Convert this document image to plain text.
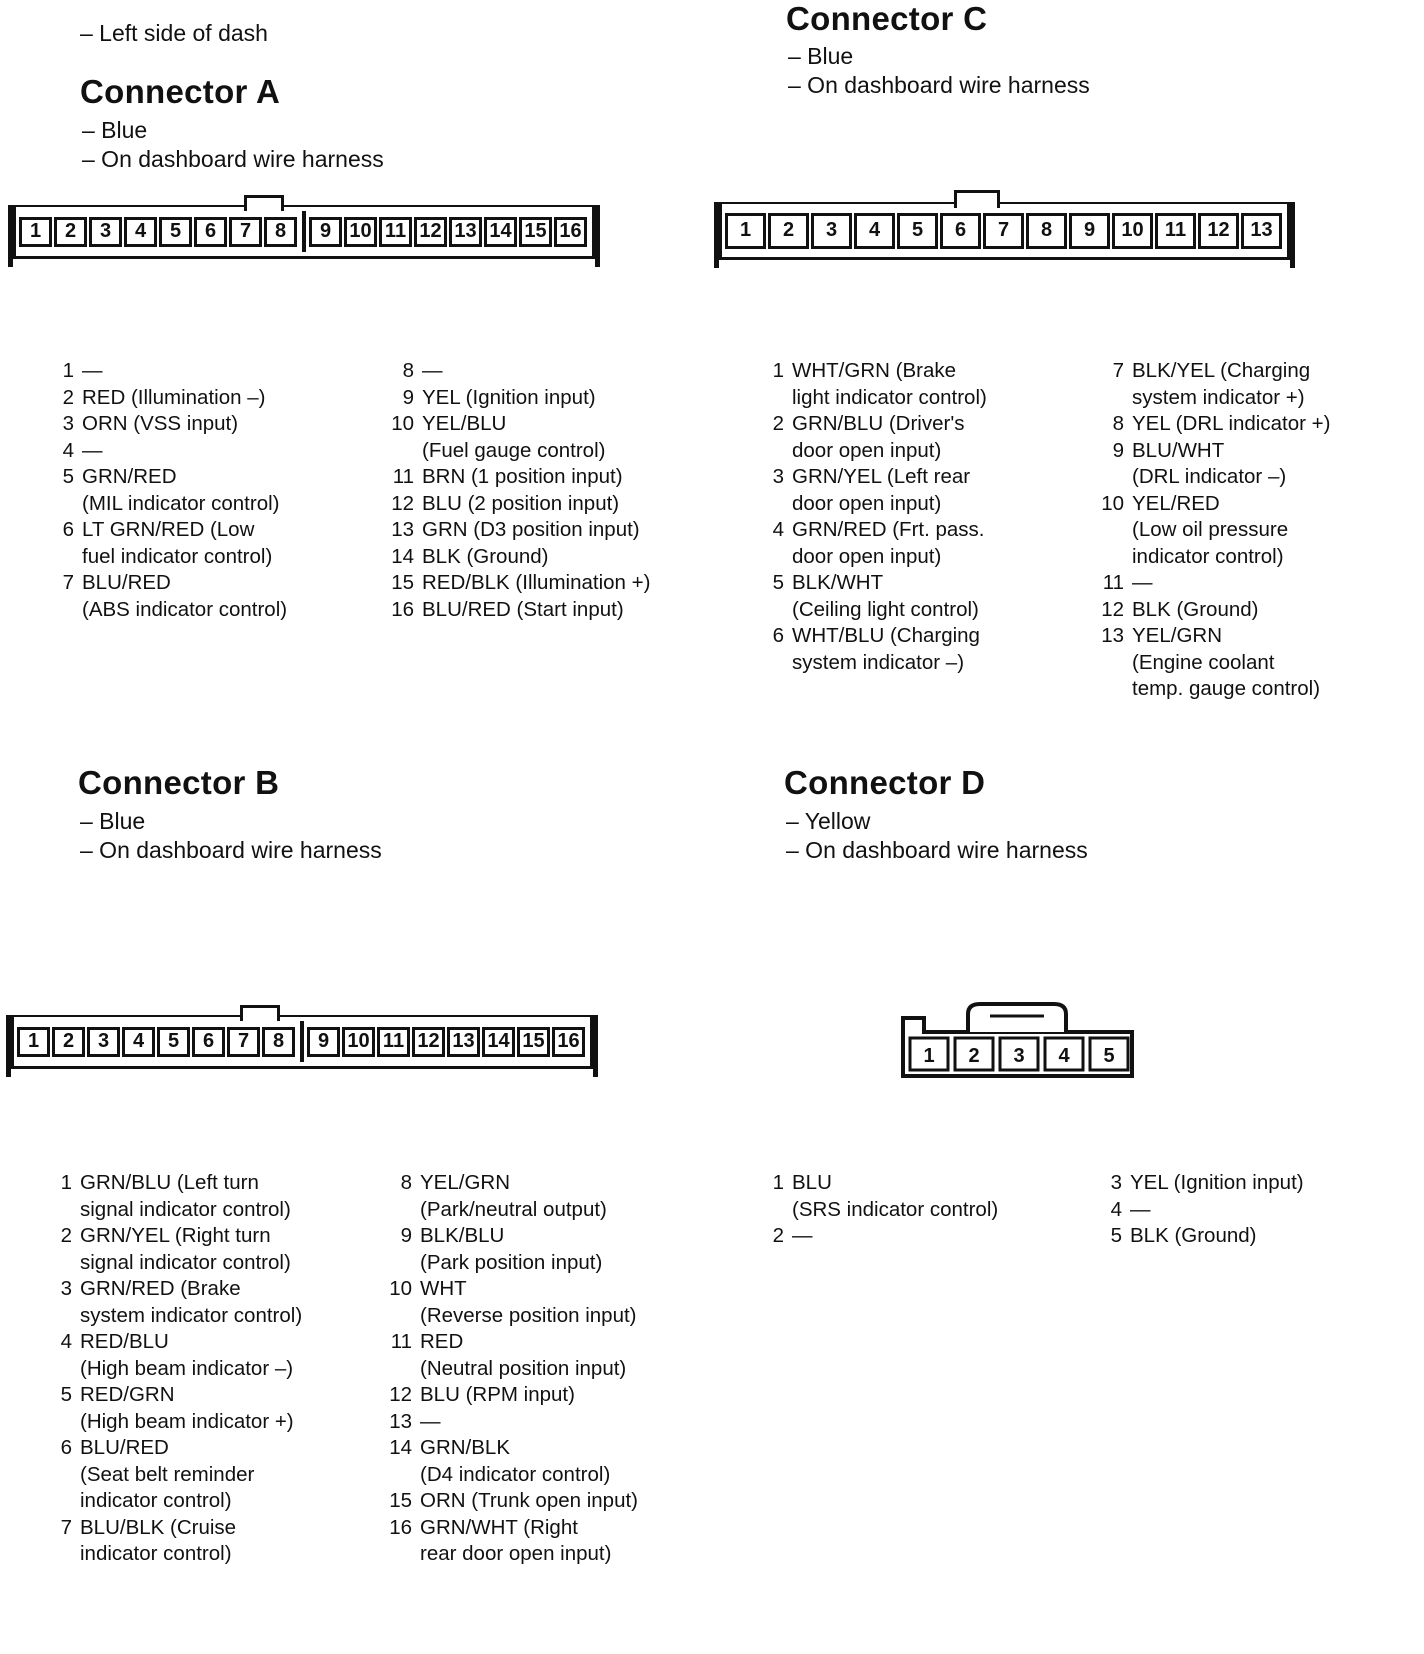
– Left side of dash
Connector A
– Blue
– On dashboard wire harness
Connector C
– Blue
– On dashboard wire harness
1	2	3	4	5	6	7	8	9 10 11 12 13 14 15 16	1	2	3	4	5	6	7	8	9	10	11	12	13
1 —
2 RED (Illumination –)
3 ORN (VSS input)
4 —
5 GRN/RED
(MIL indicator control)
6 LT GRN/RED (Low
fuel indicator control)
7 BLU/RED
(ABS indicator control)
8 —
9 YEL (Ignition input)
10 YEL/BLU
(Fuel gauge control)
11 BRN (1 position input)
12 BLU (2 position input)
13 GRN (D3 position input)
14 BLK (Ground)
15 RED/BLK (Illumination +)
16 BLU/RED (Start input)
1 WHT/GRN (Brake
light indicator control)
2 GRN/BLU (Driver's
door open input)
3 GRN/YEL (Left rear
door open input)
4 GRN/RED (Frt. pass.
door open input)
5 BLK/WHT
(Ceiling light control)
6 WHT/BLU (Charging
system indicator –)
7 BLK/YEL (Charging
system indicator +)
8 YEL (DRL indicator +)
9 BLU/WHT
(DRL indicator –)
10 YEL/RED
(Low oil pressure
indicator control)
11 —
12 BLK (Ground)
13 YEL/GRN
(Engine coolant
temp. gauge control)
Connector B
– Blue
– On dashboard wire harness
Connector D
– Yellow
– On dashboard wire harness
1	2	3	4	5	6	7	8	9 10 11 12 13 14 15 16
1 2 3 4 5
1 GRN/BLU (Left turn
signal indicator control)
2 GRN/YEL (Right turn
signal indicator control)
3 GRN/RED (Brake
system indicator control)
4 RED/BLU
(High beam indicator –)
5 RED/GRN
(High beam indicator +)
6 BLU/RED
(Seat belt reminder
indicator control)
7 BLU/BLK (Cruise
indicator control)
8 YEL/GRN
(Park/neutral output)
9 BLK/BLU
(Park position input)
10 WHT
(Reverse position input)
11 RED
(Neutral position input)
12 BLU (RPM input)
13 —
14 GRN/BLK
(D4 indicator control)
15 ORN (Trunk open input)
16 GRN/WHT (Right
rear door open input)
1 BLU
(SRS indicator control)
2 —
3 YEL (Ignition input)
4 —
5 BLK (Ground)
